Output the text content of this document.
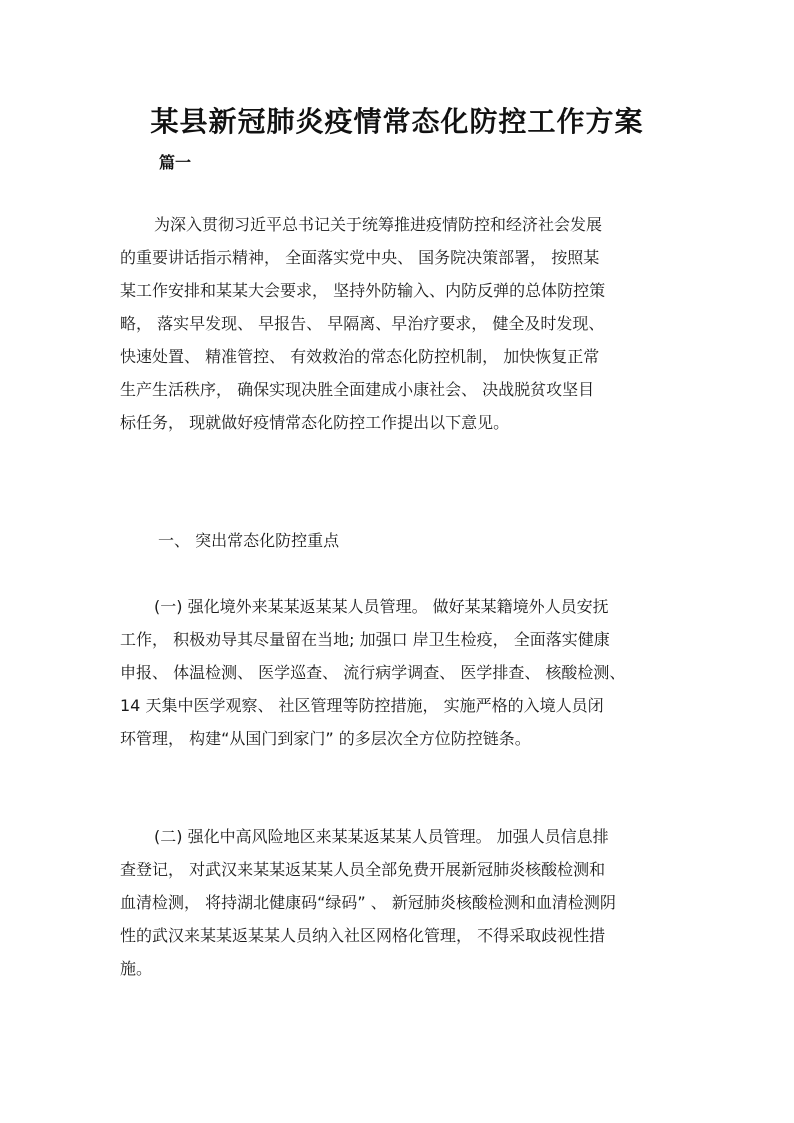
某县新冠肺炎疫情常态化防控工作方案
篇一
为深入贯彻习近平总书记关于统筹推进疫情防控和经济社会发展
的重要讲话指示精神， 全面落实党中央、 国务院决策部署， 按照某
某工作安排和某某大会要求， 坚持外防输入、内防反弹的总体防控策
略， 落实早发现、 早报告、 早隔离、早治疗要求， 健全及时发现、
快速处置、 精准管控、 有效救治的常态化防控机制， 加快恢复正常
生产生活秩序， 确保实现决胜全面建成小康社会、 决战脱贫攻坚目
标任务， 现就做好疫情常态化防控工作提出以下意见。
一、 突出常态化防控重点
(一) 强化境外来某某返某某人员管理。 做好某某籍境外人员安抚
工作， 积极劝导其尽量留在当地; 加强口 岸卫生检疫， 全面落实健康
申报、 体温检测、 医学巡查、 流行病学调查、 医学排查、 核酸检测、
14 天集中医学观察、 社区管理等防控措施， 实施严格的入境人员闭
环管理， 构建“从国门到家门” 的多层次全方位防控链条。
(二) 强化中高风险地区来某某返某某人员管理。 加强人员信息排
查登记， 对武汉来某某返某某人员全部免费开展新冠肺炎核酸检测和
血清检测， 将持湖北健康码“绿码” 、 新冠肺炎核酸检测和血清检测阴
性的武汉来某某返某某人员纳入社区网格化管理， 不得采取歧视性措
施。
